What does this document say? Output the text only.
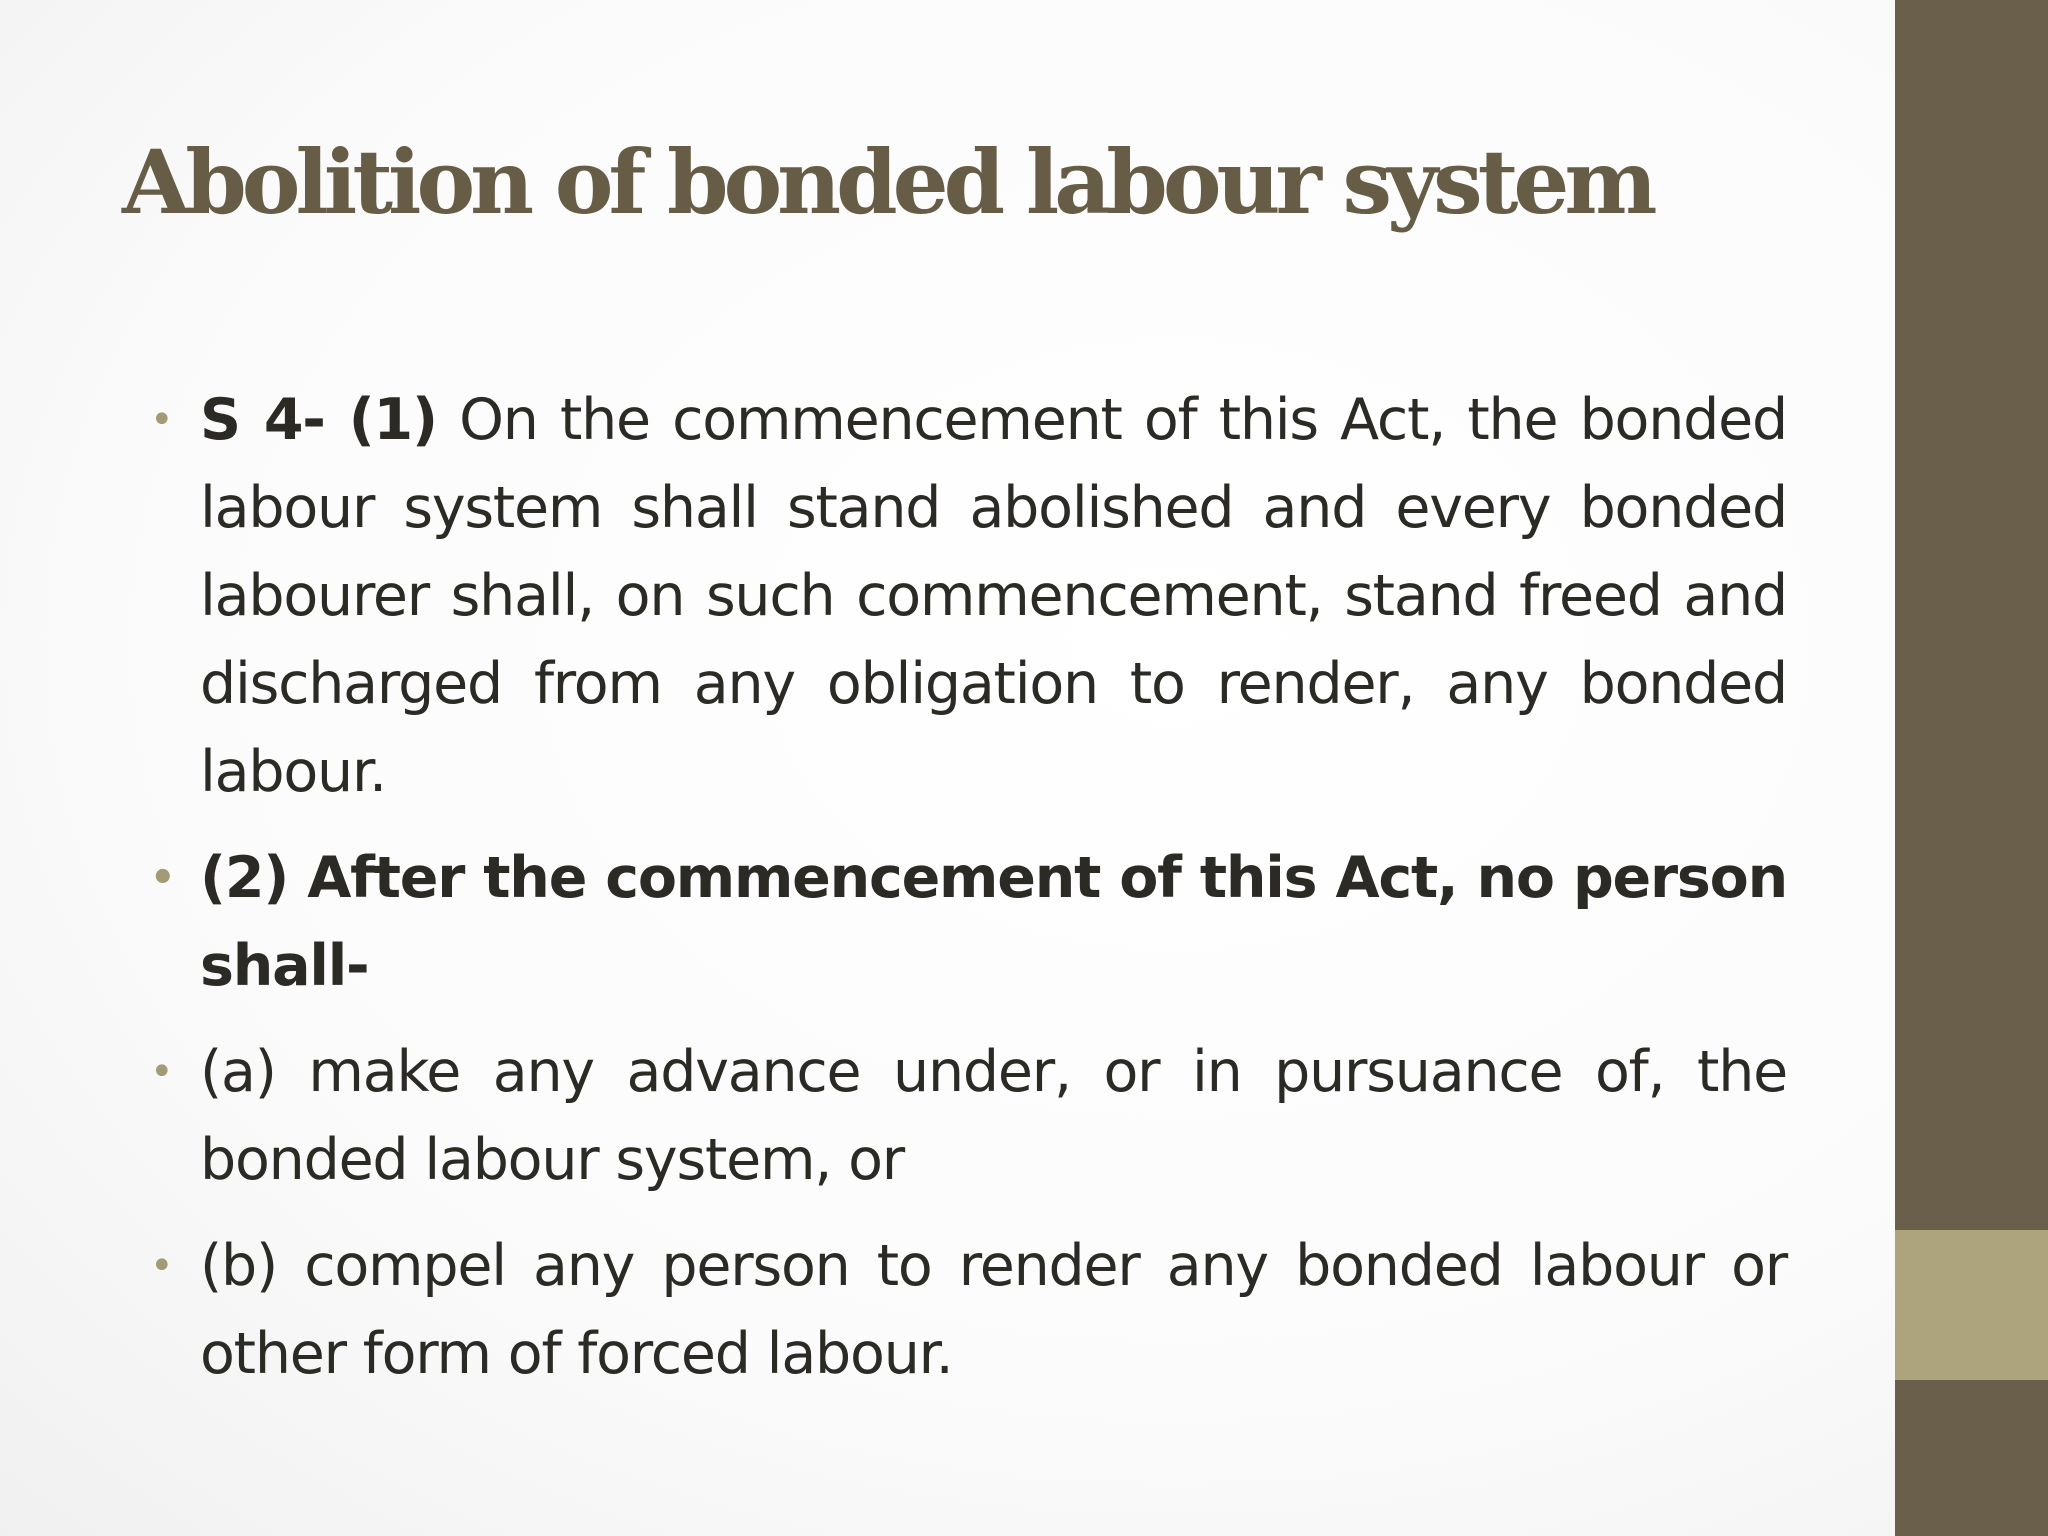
Abolition of bonded labour system
• S 4- (1) On the commencement of this Act, the bonded labour system shall stand abolished and every bonded labourer shall, on such commencement, stand freed and discharged from any obligation to render, any bonded labour.
• (2) After the commencement of this Act, no person shall-
• (a) make any advance under, or in pursuance of, the bonded labour system, or
• (b) compel any person to render any bonded labour or other form of forced labour.
